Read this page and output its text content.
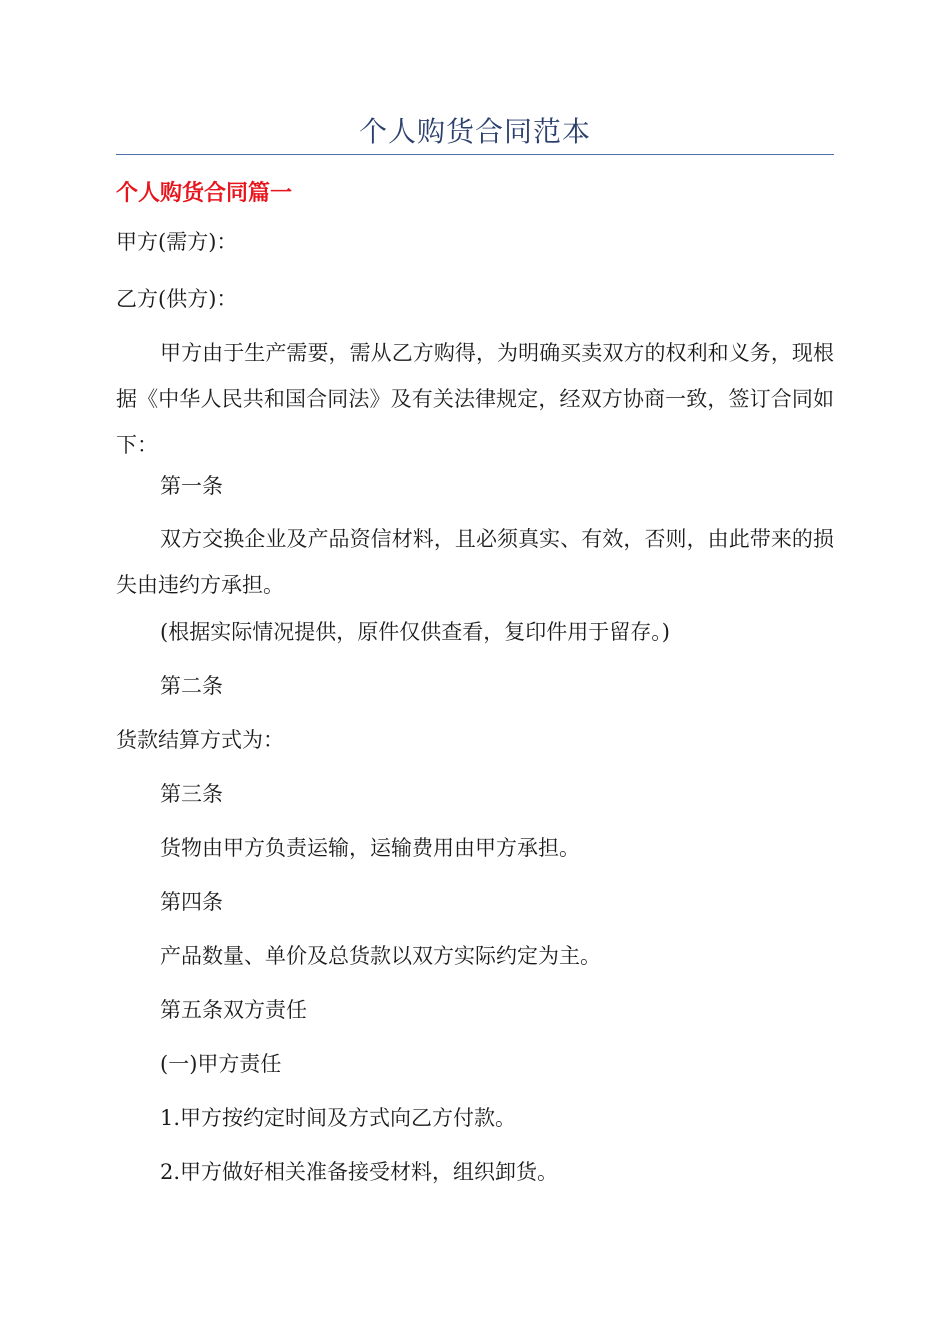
个人购货合同范本
个人购货合同篇一
甲方(需方)：
乙方(供方)：
甲方由于生产需要，需从乙方购得，为明确买卖双方的权利和义务，现根据《中华人民共和国合同法》及有关法律规定，经双方协商一致，签订合同如下：
第一条
双方交换企业及产品资信材料，且必须真实、有效，否则，由此带来的损失由违约方承担。
(根据实际情况提供，原件仅供查看，复印件用于留存。)
第二条
货款结算方式为：
第三条
货物由甲方负责运输，运输费用由甲方承担。
第四条
产品数量、单价及总货款以双方实际约定为主。
第五条双方责任
(一)甲方责任
1.甲方按约定时间及方式向乙方付款。
2.甲方做好相关准备接受材料，组织卸货。
